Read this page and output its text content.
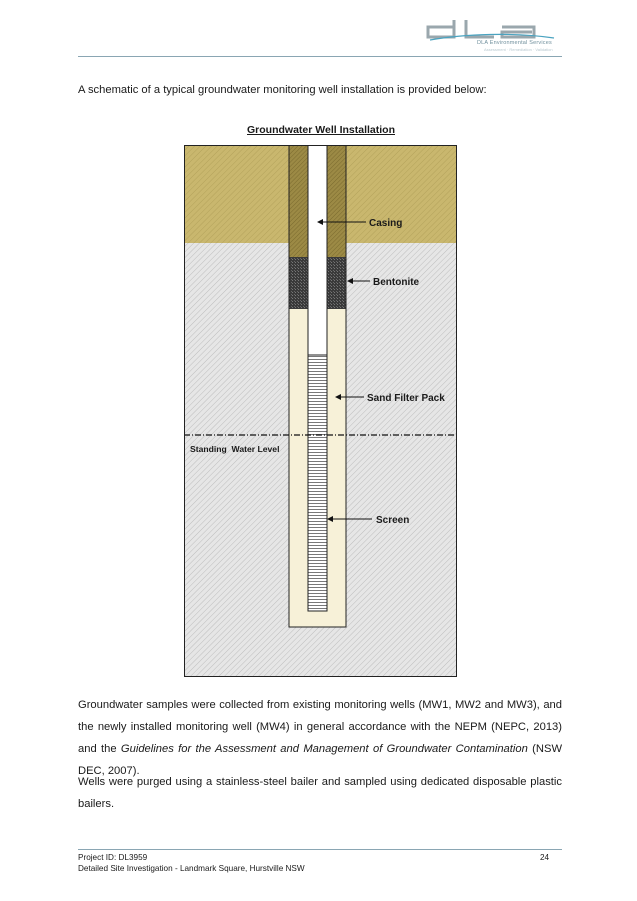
DLA Environmental Services
Assessment · Remediation · Validation
A schematic of a typical groundwater monitoring well installation is provided below:
Groundwater Well Installation
Casing
Bentonite
Sand Filter Pack
Standing  Water Level
Screen
Groundwater samples were collected from existing monitoring wells (MW1, MW2 and MW3), and the newly installed monitoring well (MW4) in general accordance with the NEPM (NEPC, 2013) and the Guidelines for the Assessment and Management of Groundwater Contamination (NSW DEC, 2007).
Wells were purged using a stainless-steel bailer and sampled using dedicated disposable plastic bailers.
Project ID: DL3959
Detailed Site Investigation - Landmark Square, Hurstville NSW
24
